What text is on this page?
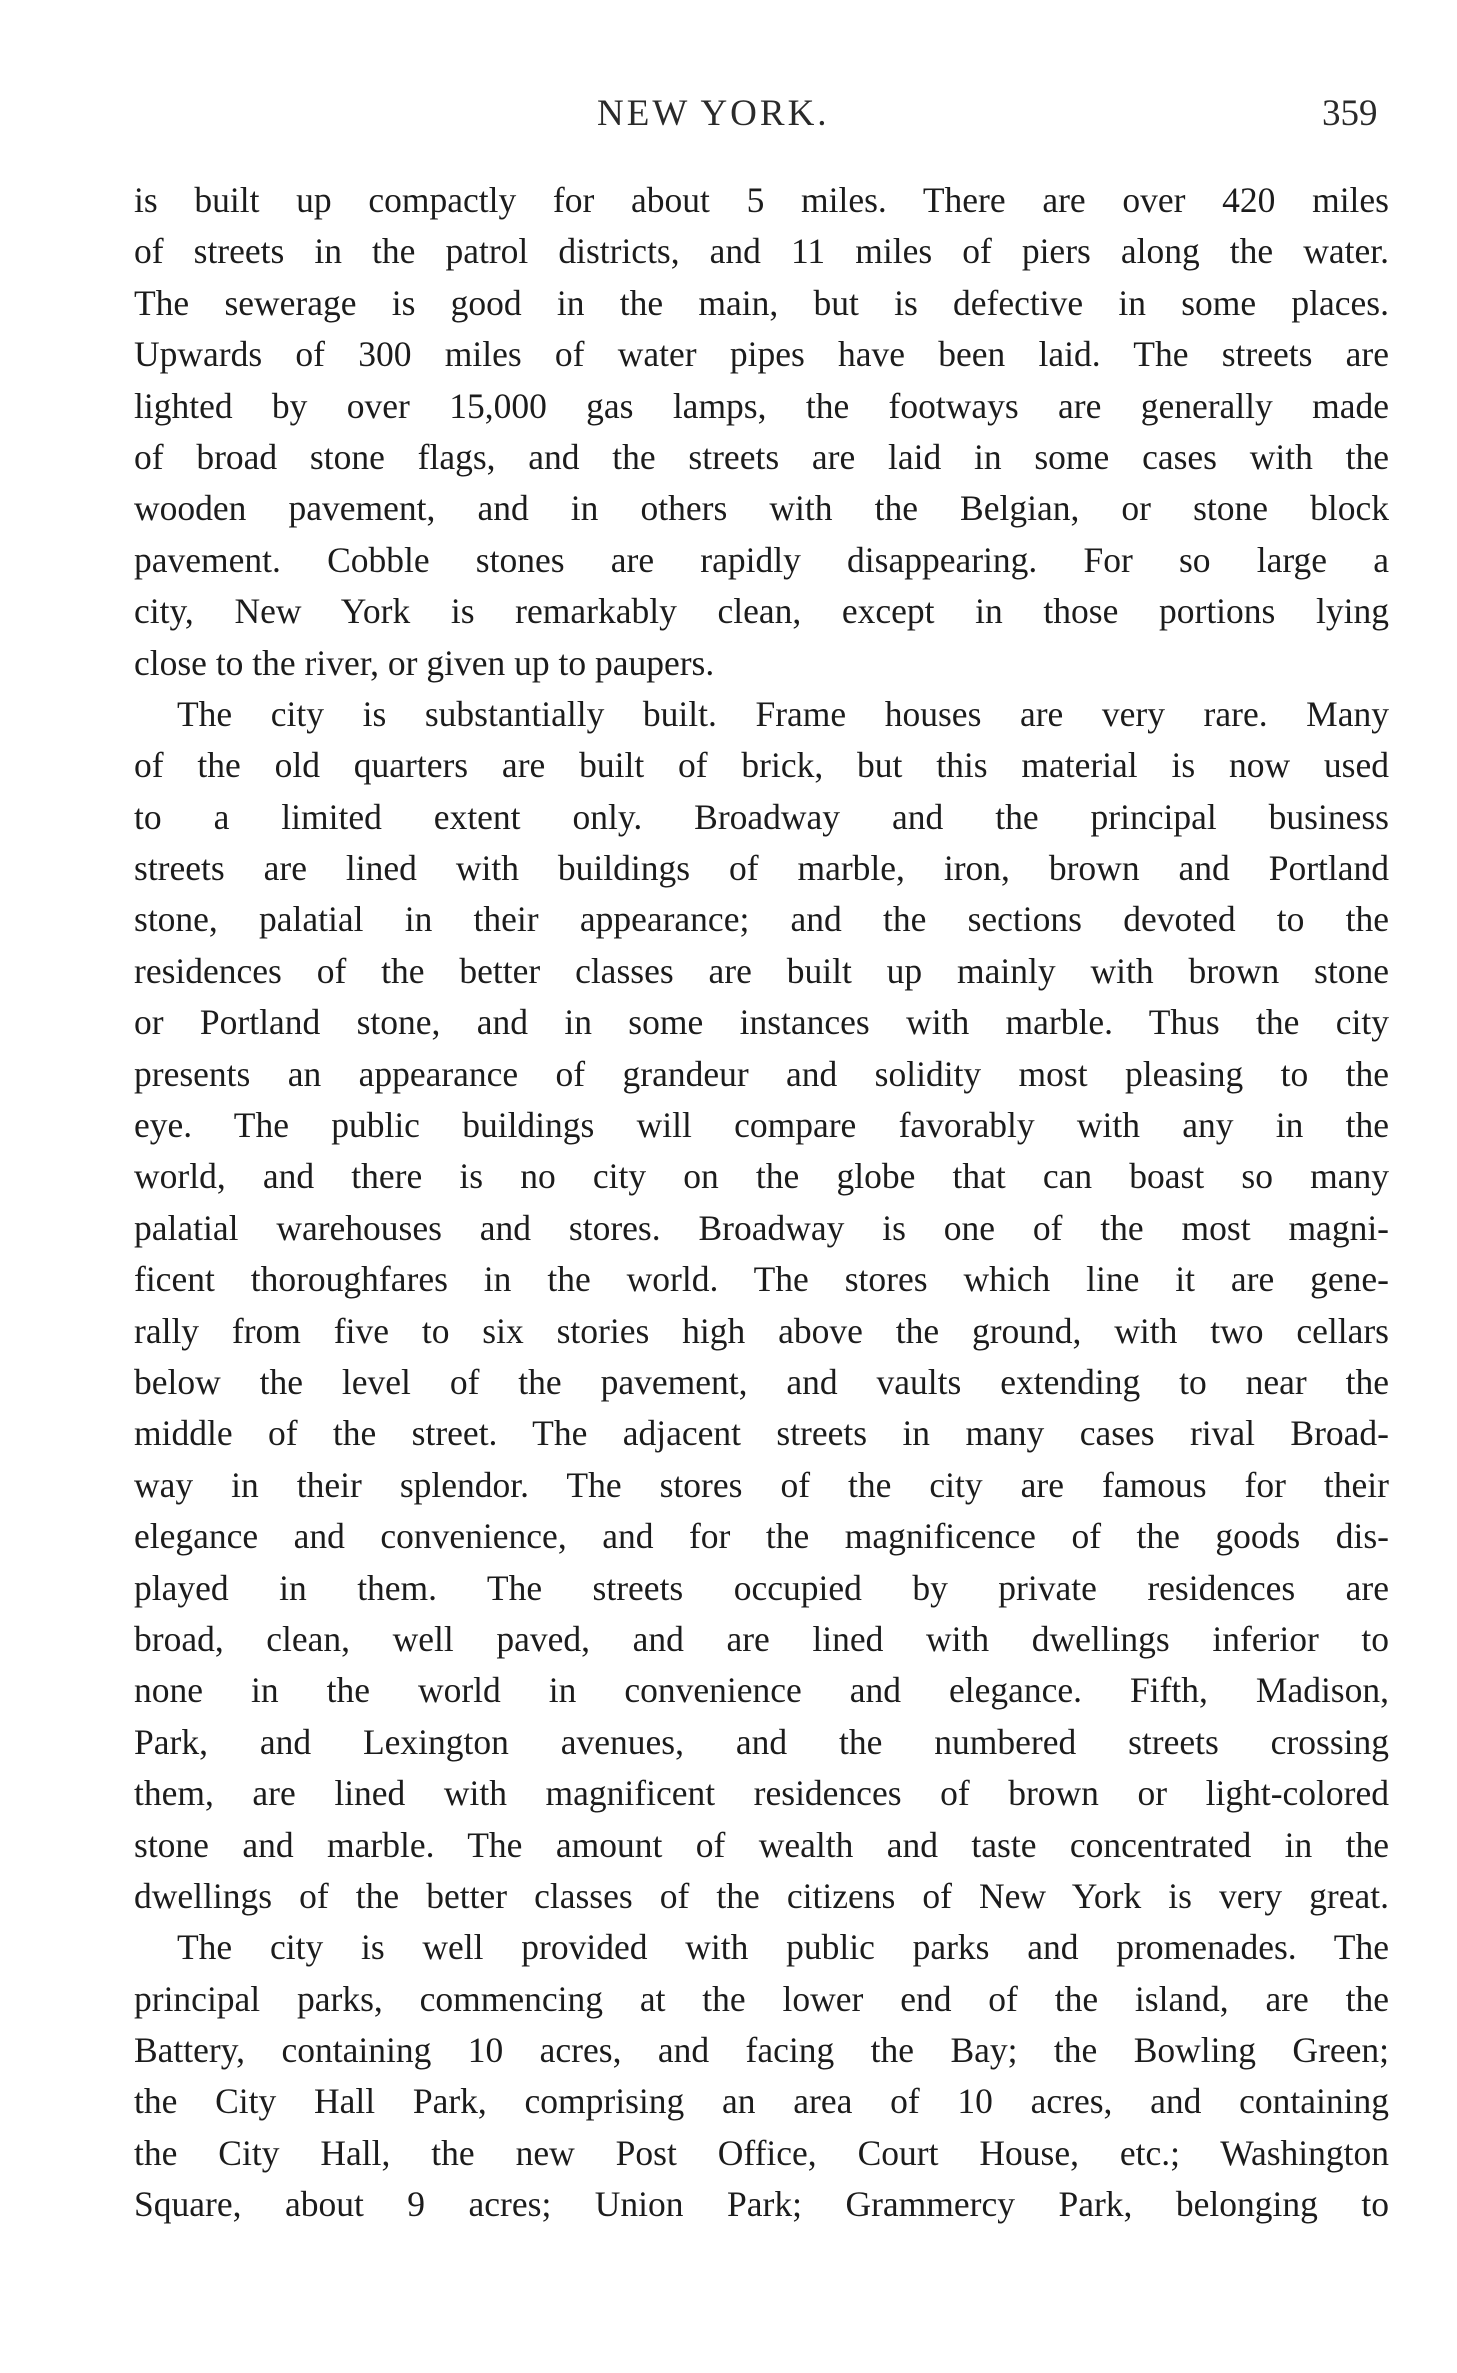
NEW YORK.	359
is built up compactly for about 5 miles. There are over 420 miles
of streets in the patrol districts, and 11 miles of piers along the water.
The sewerage is good in the main, but is defective in some places.
Upwards of 300 miles of water pipes have been laid. The streets are
lighted by over 15,000 gas lamps, the footways are generally made
of broad stone flags, and the streets are laid in some cases with the
wooden pavement, and in others with the Belgian, or stone block
pavement. Cobble stones are rapidly disappearing. For so large a
city, New York is remarkably clean, except in those portions lying
close to the river, or given up to paupers.
The city is substantially built. Frame houses are very rare. Many
of the old quarters are built of brick, but this material is now used
to a limited extent only. Broadway and the principal business
streets are lined with buildings of marble, iron, brown and Portland
stone, palatial in their appearance; and the sections devoted to the
residences of the better classes are built up mainly with brown stone
or Portland stone, and in some instances with marble. Thus the city
presents an appearance of grandeur and solidity most pleasing to the
eye. The public buildings will compare favorably with any in the
world, and there is no city on the globe that can boast so many
palatial warehouses and stores. Broadway is one of the most magni-
ficent thoroughfares in the world. The stores which line it are gene-
rally from five to six stories high above the ground, with two cellars
below the level of the pavement, and vaults extending to near the
middle of the street. The adjacent streets in many cases rival Broad-
way in their splendor. The stores of the city are famous for their
elegance and convenience, and for the magnificence of the goods dis-
played in them. The streets occupied by private residences are
broad, clean, well paved, and are lined with dwellings inferior to
none in the world in convenience and elegance. Fifth, Madison,
Park, and Lexington avenues, and the numbered streets crossing
them, are lined with magnificent residences of brown or light-colored
stone and marble. The amount of wealth and taste concentrated in the
dwellings of the better classes of the citizens of New York is very great.
The city is well provided with public parks and promenades. The
principal parks, commencing at the lower end of the island, are the
Battery, containing 10 acres, and facing the Bay; the Bowling Green;
the City Hall Park, comprising an area of 10 acres, and containing
the City Hall, the new Post Office, Court House, etc.; Washington
Square, about 9 acres; Union Park; Grammercy Park, belonging to
